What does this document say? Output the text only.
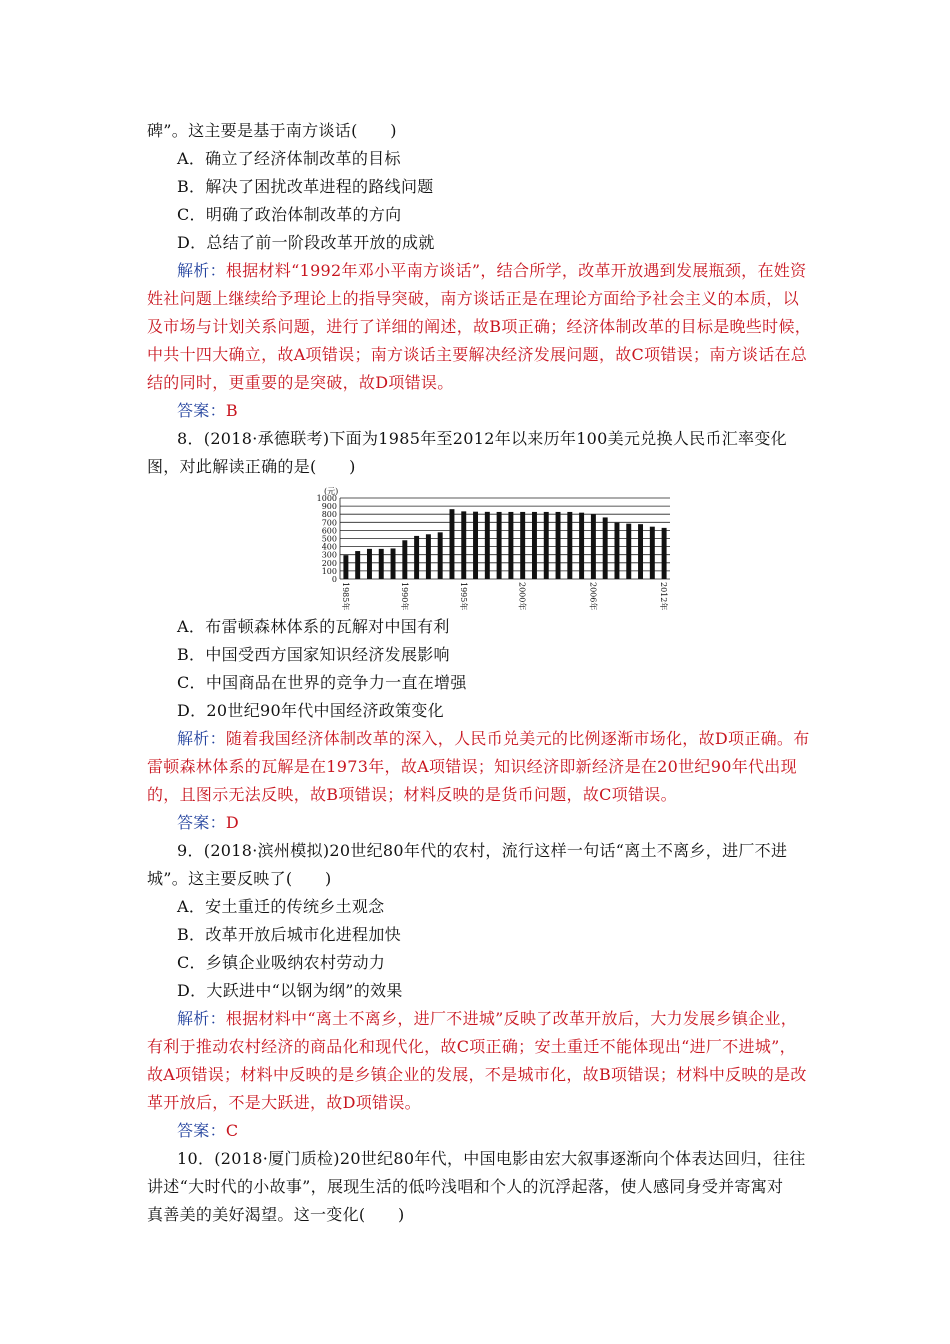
碑”。这主要是基于南方谈话(　　)
A．确立了经济体制改革的目标
B．解决了困扰改革进程的路线问题
C．明确了政治体制改革的方向
D．总结了前一阶段改革开放的成就
解析：根据材料“1992年邓小平南方谈话”，结合所学，改革开放遇到发展瓶颈，在姓资
姓社问题上继续给予理论上的指导突破，南方谈话正是在理论方面给予社会主义的本质，以
及市场与计划关系问题，进行了详细的阐述，故B项正确；经济体制改革的目标是晚些时候，
中共十四大确立，故A项错误；南方谈话主要解决经济发展问题，故C项错误；南方谈话在总
结的同时，更重要的是突破，故D项错误。
答案：B
8．(2018·承德联考)下面为1985年至2012年以来历年100美元兑换人民币汇率变化
图，对此解读正确的是(　　)
(元)
0
100
200
300
400
500
600
700
800
900
1000
1985年	1990年	1995年	2000年	2006年	2012年
A．布雷顿森林体系的瓦解对中国有利
B．中国受西方国家知识经济发展影响
C．中国商品在世界的竞争力一直在增强
D．20世纪90年代中国经济政策变化
解析：随着我国经济体制改革的深入，人民币兑美元的比例逐渐市场化，故D项正确。布
雷顿森林体系的瓦解是在1973年，故A项错误；知识经济即新经济是在20世纪90年代出现
的，且图示无法反映，故B项错误；材料反映的是货币问题，故C项错误。
答案：D
9．(2018·滨州模拟)20世纪80年代的农村，流行这样一句话“离土不离乡，进厂不进
城”。这主要反映了(　　)
A．安土重迁的传统乡土观念
B．改革开放后城市化进程加快
C．乡镇企业吸纳农村劳动力
D．大跃进中“以钢为纲”的效果
解析：根据材料中“离土不离乡，进厂不进城”反映了改革开放后，大力发展乡镇企业，
有利于推动农村经济的商品化和现代化，故C项正确；安土重迁不能体现出“进厂不进城”，
故A项错误；材料中反映的是乡镇企业的发展，不是城市化，故B项错误；材料中反映的是改
革开放后，不是大跃进，故D项错误。
答案：C
10．(2018·厦门质检)20世纪80年代，中国电影由宏大叙事逐渐向个体表达回归，往往
讲述“大时代的小故事”，展现生活的低吟浅唱和个人的沉浮起落，使人感同身受并寄寓对
真善美的美好渴望。这一变化(　　)
